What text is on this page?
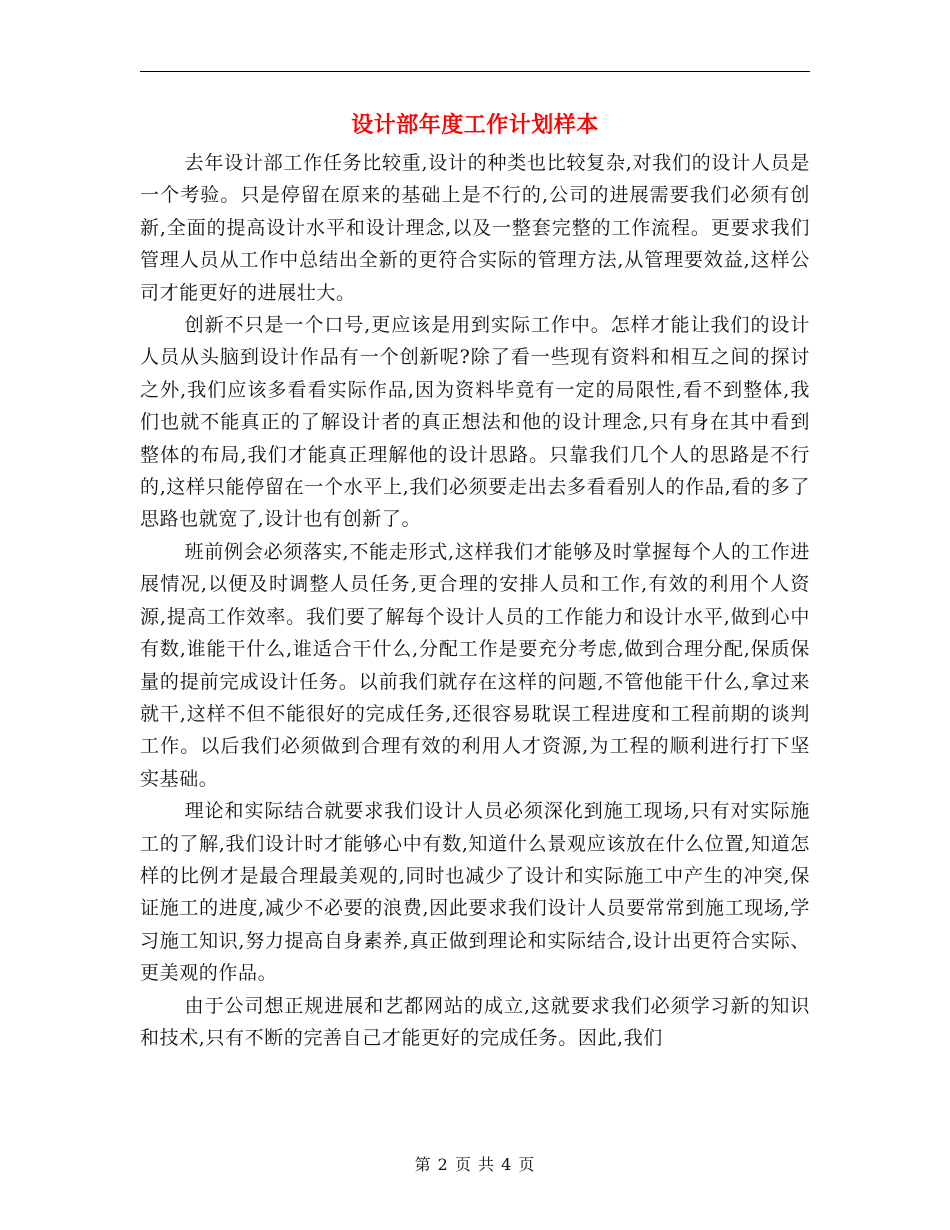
设计部年度工作计划样本

去年设计部工作任务比较重,设计的种类也比较复杂,对我们的设计人员是一个考验。只是停留在原来的基础上是不行的,公司的进展需要我们必须有创新,全面的提高设计水平和设计理念,以及一整套完整的工作流程。更要求我们管理人员从工作中总结出全新的更符合实际的管理方法,从管理要效益,这样公司才能更好的进展壮大。

创新不只是一个口号,更应该是用到实际工作中。怎样才能让我们的设计人员从头脑到设计作品有一个创新呢?除了看一些现有资料和相互之间的探讨之外,我们应该多看看实际作品,因为资料毕竟有一定的局限性,看不到整体,我们也就不能真正的了解设计者的真正想法和他的设计理念,只有身在其中看到整体的布局,我们才能真正理解他的设计思路。只靠我们几个人的思路是不行的,这样只能停留在一个水平上,我们必须要走出去多看看别人的作品,看的多了思路也就宽了,设计也有创新了。

班前例会必须落实,不能走形式,这样我们才能够及时掌握每个人的工作进展情况,以便及时调整人员任务,更合理的安排人员和工作,有效的利用个人资源,提高工作效率。我们要了解每个设计人员的工作能力和设计水平,做到心中有数,谁能干什么,谁适合干什么,分配工作是要充分考虑,做到合理分配,保质保量的提前完成设计任务。以前我们就存在这样的问题,不管他能干什么,拿过来就干,这样不但不能很好的完成任务,还很容易耽误工程进度和工程前期的谈判工作。以后我们必须做到合理有效的利用人才资源,为工程的顺利进行打下坚实基础。

理论和实际结合就要求我们设计人员必须深化到施工现场,只有对实际施工的了解,我们设计时才能够心中有数,知道什么景观应该放在什么位置,知道怎样的比例才是最合理最美观的,同时也减少了设计和实际施工中产生的冲突,保证施工的进度,减少不必要的浪费,因此要求我们设计人员要常常到施工现场,学习施工知识,努力提高自身素养,真正做到理论和实际结合,设计出更符合实际、更美观的作品。

由于公司想正规进展和艺都网站的成立,这就要求我们必须学习新的知识和技术,只有不断的完善自己才能更好的完成任务。因此,我们

第 2 页 共 4 页
